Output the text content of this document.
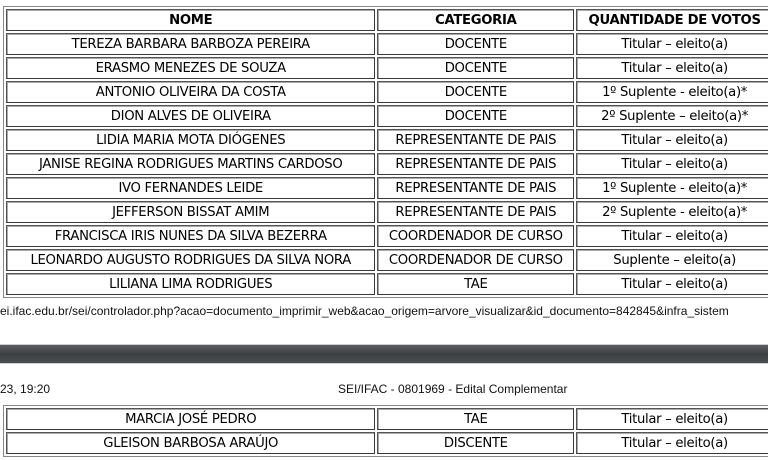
NOME	CATEGORIA	QUANTIDADE DE VOTOS
TEREZA BARBARA BARBOZA PEREIRA	DOCENTE	Titular – eleito(a)
ERASMO MENEZES DE SOUZA	DOCENTE	Titular – eleito(a)
ANTONIO OLIVEIRA DA COSTA	DOCENTE	1º Suplente - eleito(a)*
DION ALVES DE OLIVEIRA	DOCENTE	2º Suplente – eleito(a)*
LIDIA MARIA MOTA DIÓGENES	REPRESENTANTE DE PAIS	Titular – eleito(a)
JANISE REGINA RODRIGUES MARTINS CARDOSO	REPRESENTANTE DE PAIS	Titular – eleito(a)
IVO FERNANDES LEIDE	REPRESENTANTE DE PAIS	1º Suplente - eleito(a)*
JEFFERSON BISSAT AMIM	REPRESENTANTE DE PAIS	2º Suplente - eleito(a)*
FRANCISCA IRIS NUNES DA SILVA BEZERRA	COORDENADOR DE CURSO	Titular – eleito(a)
LEONARDO AUGUSTO RODRIGUES DA SILVA NORA	COORDENADOR DE CURSO	Suplente – eleito(a)
LILIANA LIMA RODRIGUES	TAE	Titular – eleito(a)
ei.ifac.edu.br/sei/controlador.php?acao=documento_imprimir_web&acao_origem=arvore_visualizar&id_documento=842845&infra_sistem
23, 19:20	SEI/IFAC - 0801969 - Edital Complementar
MARCIA JOSÉ PEDRO	TAE	Titular – eleito(a)
GLEISON BARBOSA ARAÚJO	DISCENTE	Titular – eleito(a)
